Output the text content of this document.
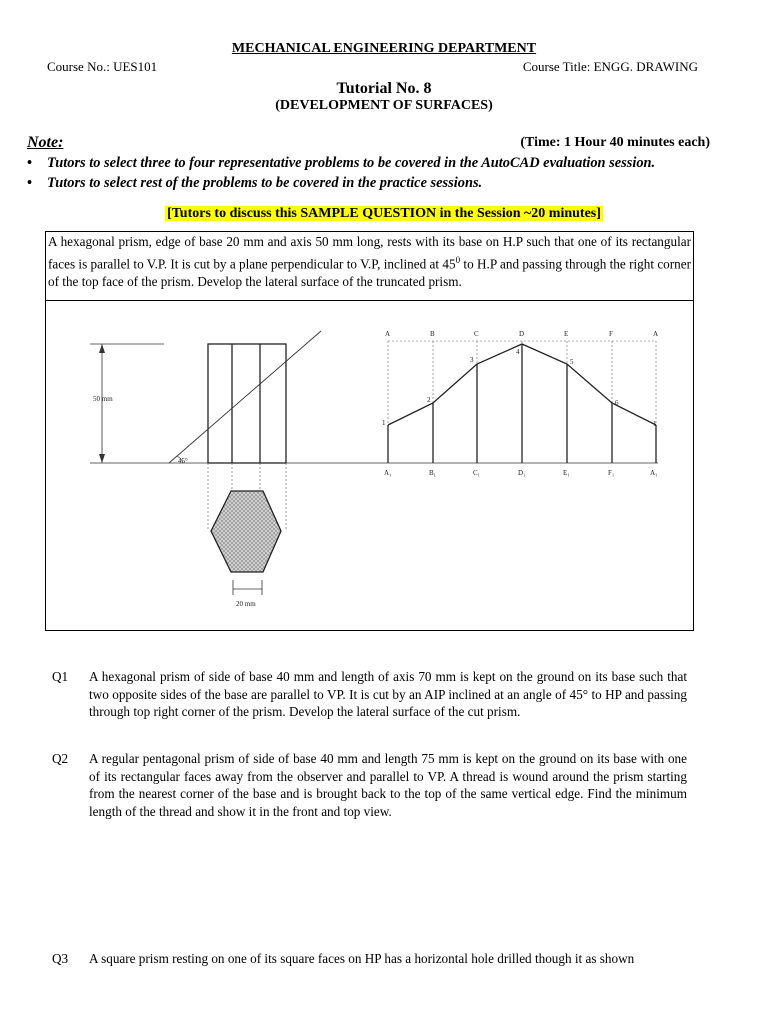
MECHANICAL ENGINEERING DEPARTMENT
Course No.: UES101	Course Title: ENGG. DRAWING
Tutorial No. 8
(DEVELOPMENT OF SURFACES)
Note:	(Time: 1 Hour 40 minutes each)
• Tutors to select three to four representative problems to be covered in the AutoCAD evaluation session.
• Tutors to select rest of the problems to be covered in the practice sessions.
[Tutors to discuss this SAMPLE QUESTION in the Session ~20 minutes]
A hexagonal prism, edge of base 20 mm and axis 50 mm long, rests with its base on H.P such that one of its rectangular faces is parallel to V.P. It is cut by a plane perpendicular to V.P, inclined at $45^0$ to H.P and passing through the right corner of the top face of the prism. Develop the lateral surface of the truncated prism.
50 mm
45°
20 mm
A	B	C	D	E	F	A
A₁	B₁	C₁	D₁	E₁	F₁	A₁
1
2
3
4
5
6
1
Q1 A hexagonal prism of side of base 40 mm and length of axis 70 mm is kept on the ground on its base such that two opposite sides of the base are parallel to VP. It is cut by an AIP inclined at an angle of 45° to HP and passing through top right corner of the prism. Develop the lateral surface of the cut prism.
Q2 A regular pentagonal prism of side of base 40 mm and length 75 mm is kept on the ground on its base with one of its rectangular faces away from the observer and parallel to VP. A thread is wound around the prism starting from the nearest corner of the base and is brought back to the top of the same vertical edge. Find the minimum length of the thread and show it in the front and top view.
Q3 A square prism resting on one of its square faces on HP has a horizontal hole drilled though it as shown
